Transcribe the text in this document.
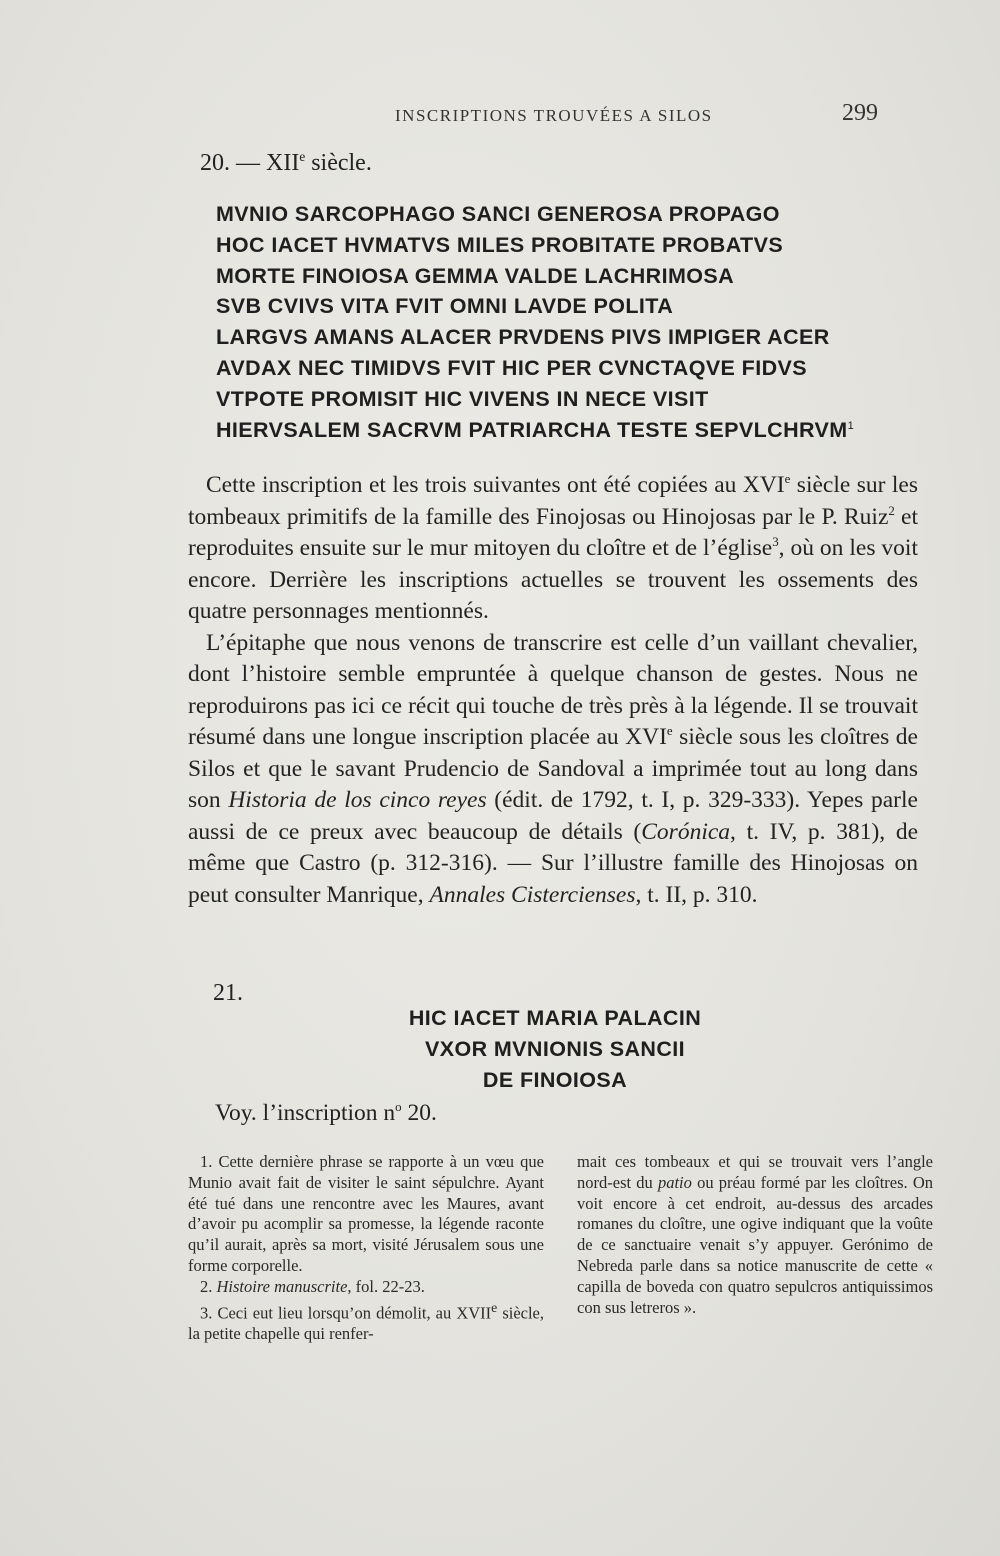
INSCRIPTIONS TROUVÉES A SILOS	299
20. — XIIe siècle.
MVNIO SARCOPHAGO SANCI GENEROSA PROPAGO
HOC IACET HVMATVS MILES PROBITATE PROBATVS
MORTE FINOIOSA GEMMA VALDE LACHRIMOSA
SVB CVIVS VITA FVIT OMNI LAVDE POLITA
LARGVS AMANS ALACER PRVDENS PIVS IMPIGER ACER
AVDAX NEC TIMIDVS FVIT HIC PER CVNCTAQVE FIDVS
VTPOTE PROMISIT HIC VIVENS IN NECE VISIT
HIERVSALEM SACRVM PATRIARCHA TESTE SEPVLCHRVM$^1$

Cette inscription et les trois suivantes ont été copiées au XVIe siècle sur les tombeaux primitifs de la famille des Finojosas ou Hinojosas par le P. Ruiz$^2$ et reproduites ensuite sur le mur mitoyen du cloître et de l’église$^3$, où on les voit encore. Derrière les inscriptions actuelles se trouvent les ossements des quatre personnages mentionnés.

L’épitaphe que nous venons de transcrire est celle d’un vaillant chevalier, dont l’histoire semble empruntée à quelque chanson de gestes. Nous ne reproduirons pas ici ce récit qui touche de très près à la légende. Il se trouvait résumé dans une longue inscription placée au XVIe siècle sous les cloîtres de Silos et que le savant Prudencio de Sandoval a imprimée tout au long dans son Historia de los cinco reyes (édit. de 1792, t. I, p. 329-333). Yepes parle aussi de ce preux avec beaucoup de détails (Corónica, t. IV, p. 381), de même que Castro (p. 312-316). — Sur l’illustre famille des Hinojosas on peut consulter Manrique, Annales Cistercienses, t. II, p. 310.

21.
HIC IACET MARIA PALACIN
VXOR MVNIONIS SANCII
DE FINOIOSA
Voy. l’inscription $n^o$ 20.

1. Cette dernière phrase se rapporte à un vœu que Munio avait fait de visiter le saint sépulchre. Ayant été tué dans une rencontre avec les Maures, avant d’avoir pu acomplir sa promesse, la légende raconte qu’il aurait, après sa mort, visité Jérusalem sous une forme corporelle.

2. Histoire manuscrite, fol. 22-23.

3. Ceci eut lieu lorsqu’on démolit, au XVIIe siècle, la petite chapelle qui renfer-

mait ces tombeaux et qui se trouvait vers l’angle nord-est du patio ou préau formé par les cloîtres. On voit encore à cet endroit, au-dessus des arcades romanes du cloître, une ogive indiquant que la voûte de ce sanctuaire venait s’y appuyer. Gerónimo de Nebreda parle dans sa notice manuscrite de cette « capilla de boveda con quatro sepulcros antiquissimos con sus letreros ».
